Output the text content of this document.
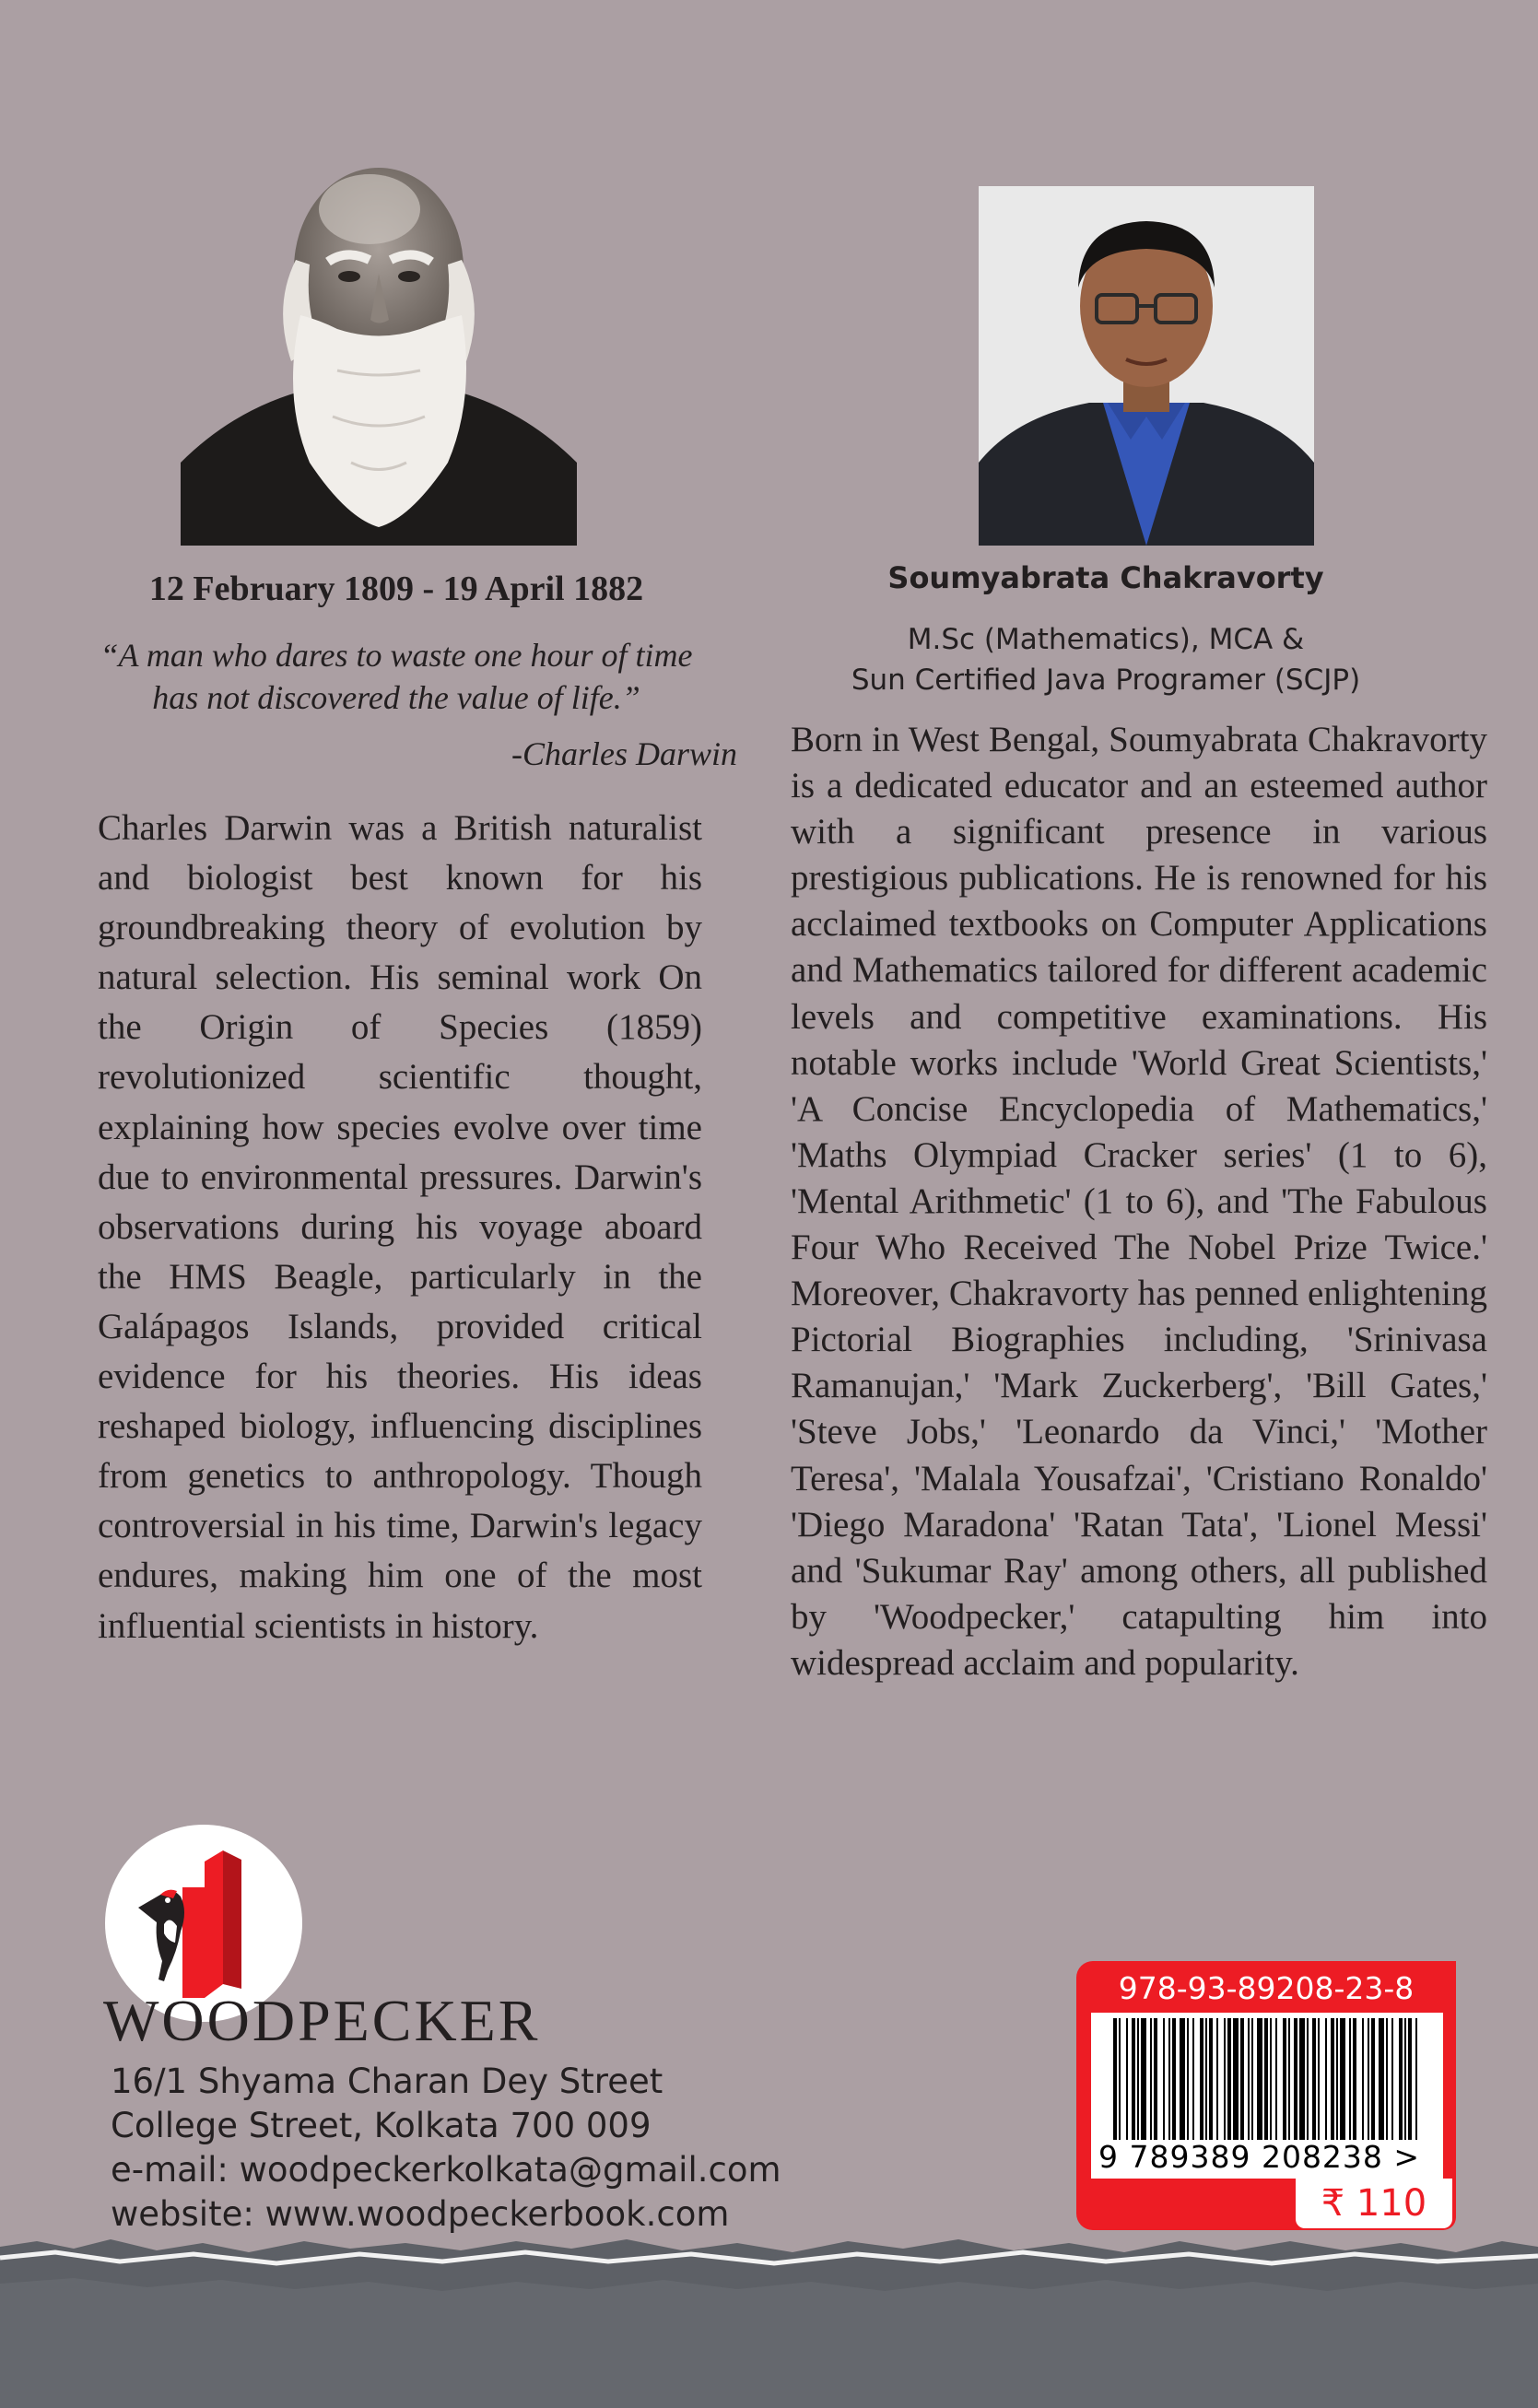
12 February 1809 - 19 April 1882
“A man who dares to waste one hour of time
has not discovered the value of life.”
-Charles Darwin
Charles Darwin was a British naturalist and biologist best known for his groundbreaking theory of evolution by natural selection. His seminal work On the Origin of Species (1859) revolutionized scientific thought, explaining how species evolve over time due to environmental pressures. Darwin's observations during his voyage aboard the HMS Beagle, particularly in the Galápagos Islands, provided critical evidence for his theories. His ideas reshaped biology, influencing disciplines from genetics to anthropology. Though controversial in his time, Darwin's legacy endures, making him one of the most influential scientists in history.
Soumyabrata Chakravorty
M.Sc (Mathematics), MCA &
Sun Certified Java Programer (SCJP)
Born in West Bengal, Soumyabrata Chakravorty is a dedicated educator and an esteemed author with a significant presence in various prestigious publications. He is renowned for his acclaimed textbooks on Computer Applications and Mathematics tailored for different academic levels and competitive examinations. His notable works include 'World Great Scientists,' 'A Concise Encyclopedia of Mathematics,' 'Maths Olympiad Cracker series' (1 to 6), 'Mental Arithmetic' (1 to 6), and 'The Fabulous Four Who Received The Nobel Prize Twice.' Moreover, Chakravorty has penned enlightening Pictorial Biographies including, 'Srinivasa Ramanujan,' 'Mark Zuckerberg', 'Bill Gates,' 'Steve Jobs,' 'Leonardo da Vinci,' 'Mother Teresa', 'Malala Yousafzai', 'Cristiano Ronaldo' 'Diego Maradona' 'Ratan Tata', 'Lionel Messi' and 'Sukumar Ray' among others, all published by 'Woodpecker,' catapulting him into widespread acclaim and popularity.
WOODPECKER
16/1 Shyama Charan Dey Street
College Street, Kolkata 700 009
e-mail: woodpeckerkolkata@gmail.com
website: www.woodpeckerbook.com
978-93-89208-23-8
9 789389 208238 >
₹ 110
